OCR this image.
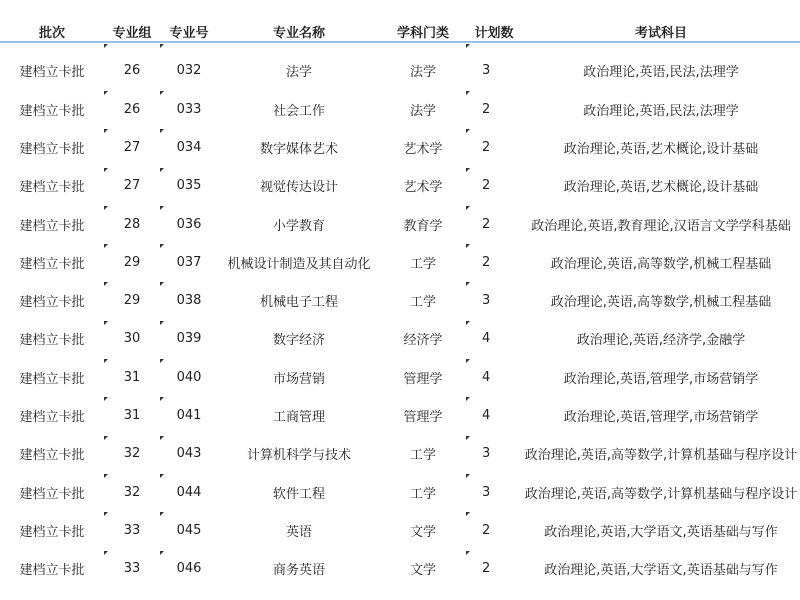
批次	专业组	专业号	专业名称	学科门类	计划数	考试科目
建档立卡批	26	032	法学	法学	3	政治理论,英语,民法,法理学
建档立卡批	26	033	社会工作	法学	2	政治理论,英语,民法,法理学
建档立卡批	27	034	数字媒体艺术	艺术学	2	政治理论,英语,艺术概论,设计基础
建档立卡批	27	035	视觉传达设计	艺术学	2	政治理论,英语,艺术概论,设计基础
建档立卡批	28	036	小学教育	教育学	2	政治理论,英语,教育理论,汉语言文学学科基础
建档立卡批	29	037	机械设计制造及其自动化	工学	2	政治理论,英语,高等数学,机械工程基础
建档立卡批	29	038	机械电子工程	工学	3	政治理论,英语,高等数学,机械工程基础
建档立卡批	30	039	数字经济	经济学	4	政治理论,英语,经济学,金融学
建档立卡批	31	040	市场营销	管理学	4	政治理论,英语,管理学,市场营销学
建档立卡批	31	041	工商管理	管理学	4	政治理论,英语,管理学,市场营销学
建档立卡批	32	043	计算机科学与技术	工学	3	政治理论,英语,高等数学,计算机基础与程序设计
建档立卡批	32	044	软件工程	工学	3	政治理论,英语,高等数学,计算机基础与程序设计
建档立卡批	33	045	英语	文学	2	政治理论,英语,大学语文,英语基础与写作
建档立卡批	33	046	商务英语	文学	2	政治理论,英语,大学语文,英语基础与写作
